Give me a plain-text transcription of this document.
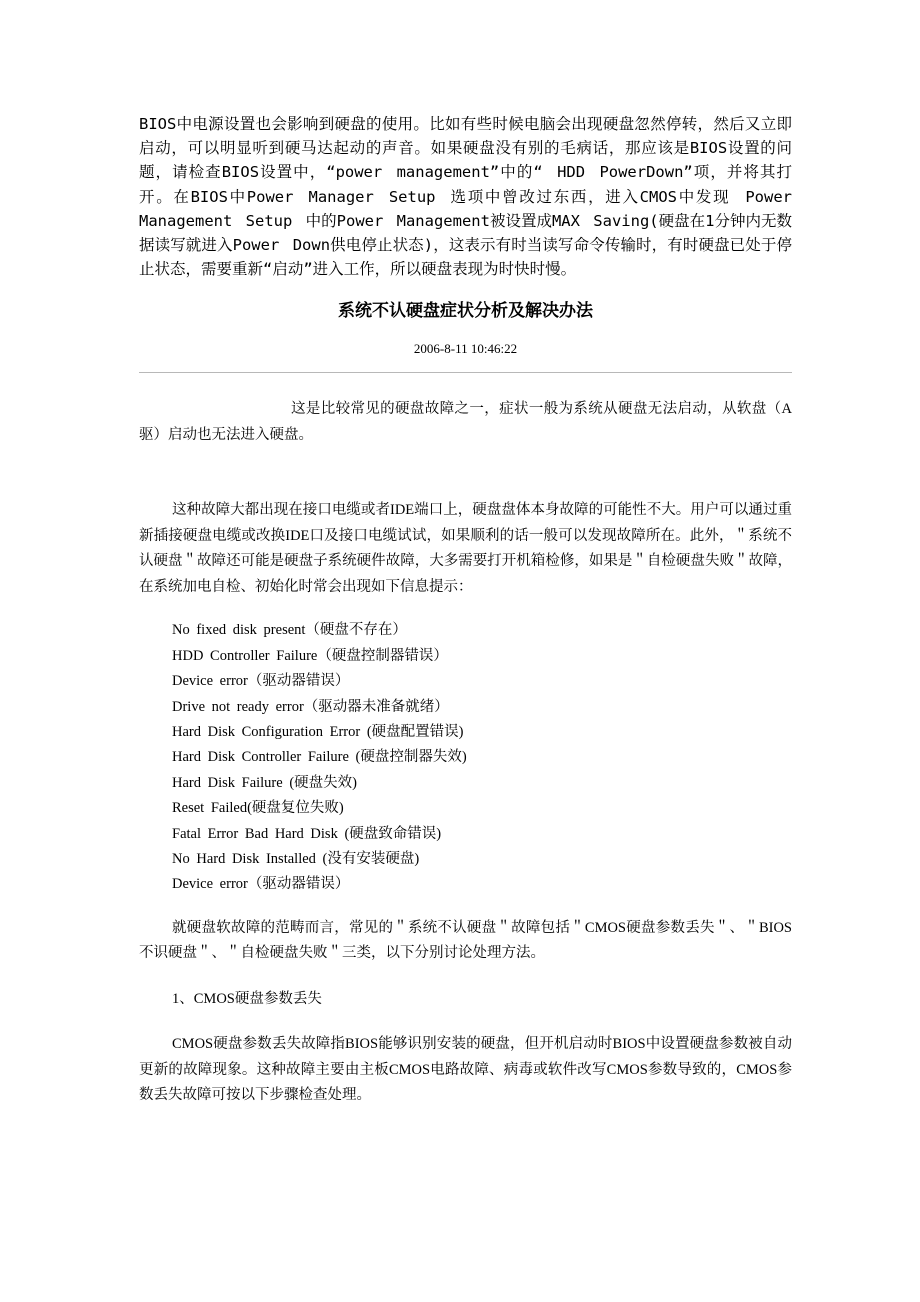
BIOS中电源设置也会影响到硬盘的使用。比如有些时候电脑会出现硬盘忽然停转，然后又立即启动，可以明显听到硬马达起动的声音。如果硬盘没有别的毛病话，那应该是BIOS设置的问题，请检查BIOS设置中，“power management”中的“ HDD PowerDown”项，并将其打开。在BIOS中Power Manager Setup 选项中曾改过东西，进入CMOS中发现 Power Management Setup 中的Power Management被设置成MAX Saving(硬盘在1分钟内无数据读写就进入Power Down供电停止状态)，这表示有时当读写命令传输时，有时硬盘已处于停止状态，需要重新“启动”进入工作，所以硬盘表现为时快时慢。

系统不认硬盘症状分析及解决办法
2006-8-11 10:46:22

这是比较常见的硬盘故障之一，症状一般为系统从硬盘无法启动，从软盘（A驱）启动也无法进入硬盘。

这种故障大都出现在接口电缆或者IDE端口上，硬盘盘体本身故障的可能性不大。用户可以通过重新插接硬盘电缆或改换IDE口及接口电缆试试，如果顺利的话一般可以发现故障所在。此外，＂系统不认硬盘＂故障还可能是硬盘子系统硬件故障，大多需要打开机箱检修，如果是＂自检硬盘失败＂故障，在系统加电自检、初始化时常会出现如下信息提示：

No fixed disk present（硬盘不存在）
HDD Controller Failure（硬盘控制器错误）
Device error（驱动器错误）
Drive not ready error（驱动器未准备就绪）
Hard Disk Configuration Error (硬盘配置错误)
Hard Disk Controller Failure (硬盘控制器失效)
Hard Disk Failure (硬盘失效)
Reset Failed(硬盘复位失败)
Fatal Error Bad Hard Disk (硬盘致命错误)
No Hard Disk Installed (没有安装硬盘)
Device error（驱动器错误）

就硬盘软故障的范畴而言，常见的＂系统不认硬盘＂故障包括＂CMOS硬盘参数丢失＂、＂BIOS不识硬盘＂、＂自检硬盘失败＂三类，以下分别讨论处理方法。

1、CMOS硬盘参数丢失

CMOS硬盘参数丢失故障指BIOS能够识别安装的硬盘，但开机启动时BIOS中设置硬盘参数被自动更新的故障现象。这种故障主要由主板CMOS电路故障、病毒或软件改写CMOS参数导致的，CMOS参数丢失故障可按以下步骤检查处理。
